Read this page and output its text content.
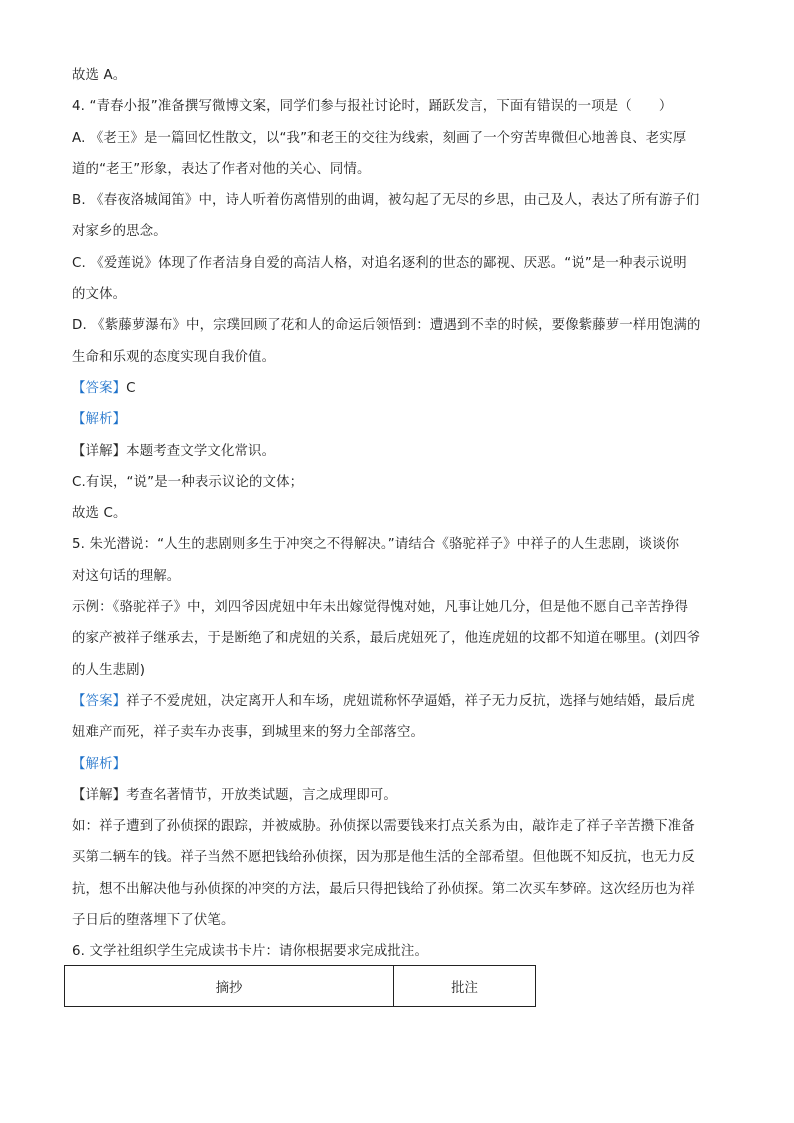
故选 A。
4. “青春小报”准备撰写微博文案，同学们参与报社讨论时，踊跃发言，下面有错误的一项是（　　）
A. 《老王》是一篇回忆性散文，以“我”和老王的交往为线索，刻画了一个穷苦卑微但心地善良、老实厚
道的“老王”形象，表达了作者对他的关心、同情。
B. 《春夜洛城闻笛》中，诗人听着伤离惜别的曲调，被勾起了无尽的乡思，由己及人，表达了所有游子们
对家乡的思念。
C. 《爱莲说》体现了作者洁身自爱的高洁人格，对追名逐利的世态的鄙视、厌恶。“说”是一种表示说明
的文体。
D. 《紫藤萝瀑布》中，宗璞回顾了花和人的命运后领悟到：遭遇到不幸的时候，要像紫藤萝一样用饱满的
生命和乐观的态度实现自我价值。
【答案】C
【解析】
【详解】本题考查文学文化常识。
C.有误，“说”是一种表示议论的文体；
故选 C。
5. 朱光潜说：“人生的悲剧则多生于冲突之不得解决。”请结合《骆驼祥子》中祥子的人生悲剧，谈谈你
对这句话的理解。
示例：《骆驼祥子》中，刘四爷因虎妞中年未出嫁觉得愧对她，凡事让她几分，但是他不愿自己辛苦挣得
的家产被祥子继承去，于是断绝了和虎妞的关系，最后虎妞死了，他连虎妞的坟都不知道在哪里。(刘四爷
的人生悲剧)
【答案】祥子不爱虎妞，决定离开人和车场，虎妞谎称怀孕逼婚，祥子无力反抗，选择与她结婚，最后虎
妞难产而死，祥子卖车办丧事，到城里来的努力全部落空。
【解析】
【详解】考查名著情节，开放类试题，言之成理即可。
如：祥子遭到了孙侦探的跟踪，并被威胁。孙侦探以需要钱来打点关系为由，敲诈走了祥子辛苦攒下准备
买第二辆车的钱。祥子当然不愿把钱给孙侦探，因为那是他生活的全部希望。但他既不知反抗，也无力反
抗，想不出解决他与孙侦探的冲突的方法，最后只得把钱给了孙侦探。第二次买车梦碎。这次经历也为祥
子日后的堕落埋下了伏笔。
6. 文学社组织学生完成读书卡片：请你根据要求完成批注。
摘抄	批注
